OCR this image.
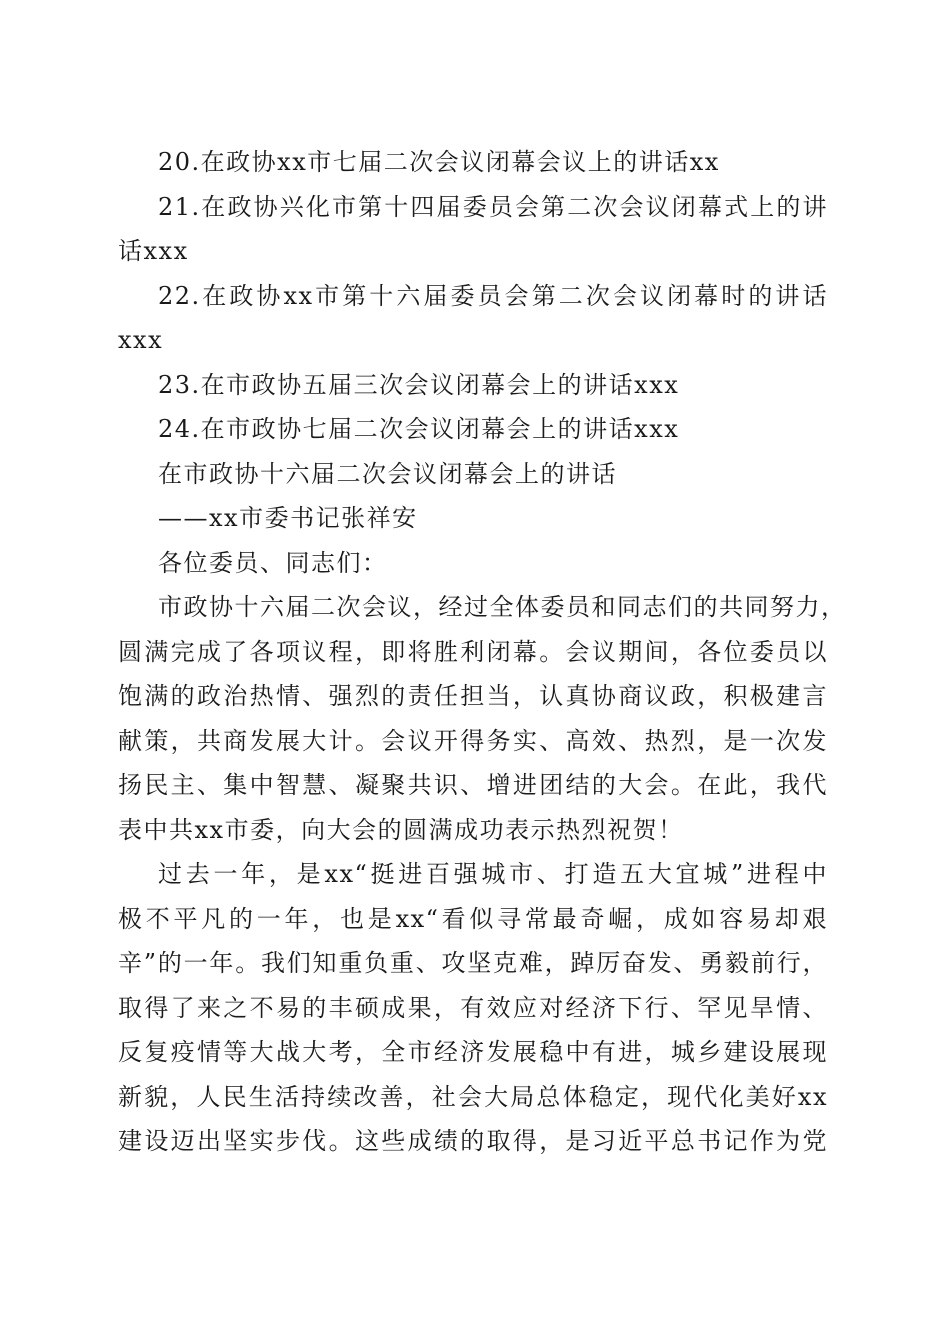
20.在政协xx市七届二次会议闭幕会议上的讲话xx
21.在政协兴化市第十四届委员会第二次会议闭幕式上的讲
话xxx
22.在政协xx市第十六届委员会第二次会议闭幕时的讲话
xxx
23.在市政协五届三次会议闭幕会上的讲话xxx
24.在市政协七届二次会议闭幕会上的讲话xxx
在市政协十六届二次会议闭幕会上的讲话
——xx市委书记张祥安
各位委员、同志们：
市政协十六届二次会议，经过全体委员和同志们的共同努力，
圆满完成了各项议程，即将胜利闭幕。会议期间，各位委员以
饱满的政治热情、强烈的责任担当，认真协商议政，积极建言
献策，共商发展大计。会议开得务实、高效、热烈，是一次发
扬民主、集中智慧、凝聚共识、增进团结的大会。在此，我代
表中共xx市委，向大会的圆满成功表示热烈祝贺！
过去一年，是xx“挺进百强城市、打造五大宜城”进程中
极不平凡的一年，也是xx“看似寻常最奇崛，成如容易却艰
辛”的一年。我们知重负重、攻坚克难，踔厉奋发、勇毅前行，
取得了来之不易的丰硕成果，有效应对经济下行、罕见旱情、
反复疫情等大战大考，全市经济发展稳中有进，城乡建设展现
新貌，人民生活持续改善，社会大局总体稳定，现代化美好xx
建设迈出坚实步伐。这些成绩的取得，是习近平总书记作为党
